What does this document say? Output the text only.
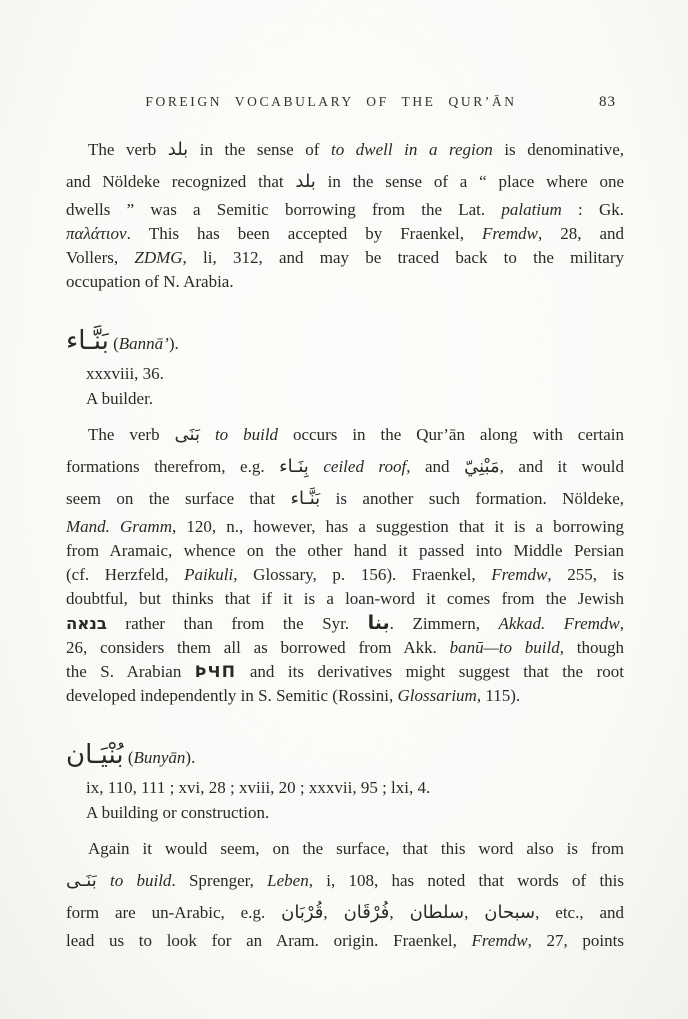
FOREIGN VOCABULARY OF THE QUR’ĀN	83
The verb بلد in the sense of to dwell in a region is denominative,
and Nöldeke recognized that بلد in the sense of a “ place where one
dwells ” was a Semitic borrowing from the Lat. palatium : Gk.
παλάτιον. This has been accepted by Fraenkel, Fremdw, 28, and
Vollers, ZDMG, li, 312, and may be traced back to the military
occupation of N. Arabia.
بَنَّـاء (Bannā’).
xxxviii, 36.
A builder.
The verb بَنَى to build occurs in the Qur’ān along with certain
formations therefrom, e.g. بِنَـاء ceiled roof, and مَبْنِيّ, and it would
seem on the surface that بَنَّـاء is another such formation. Nöldeke,
Mand. Gramm, 120, n., however, has a suggestion that it is a borrowing
from Aramaic, whence on the other hand it passed into Middle Persian
(cf. Herzfeld, Paikuli, Glossary, p. 156). Fraenkel, Fremdw, 255, is
doubtful, but thinks that if it is a loan-word it comes from the Jewish
בנאה rather than from the Syr. بنا. Zimmern, Akkad. Fremdw,
26, considers them all as borrowed from Akk. banū—to build, though
the S. Arabian ϷЧΠ and its derivatives might suggest that the root
developed independently in S. Semitic (Rossini, Glossarium, 115).
بُنْيَـان (Bunyān).
ix, 110, 111 ; xvi, 28 ; xviii, 20 ; xxxvii, 95 ; lxi, 4.
A building or construction.
Again it would seem, on the surface, that this word also is from
بَنَـى to build. Sprenger, Leben, i, 108, has noted that words of this
form are un-Arabic, e.g. قُرْبَان, فُرْقَان, سلطان, سبحان, etc., and
lead us to look for an Aram. origin. Fraenkel, Fremdw, 27, points
